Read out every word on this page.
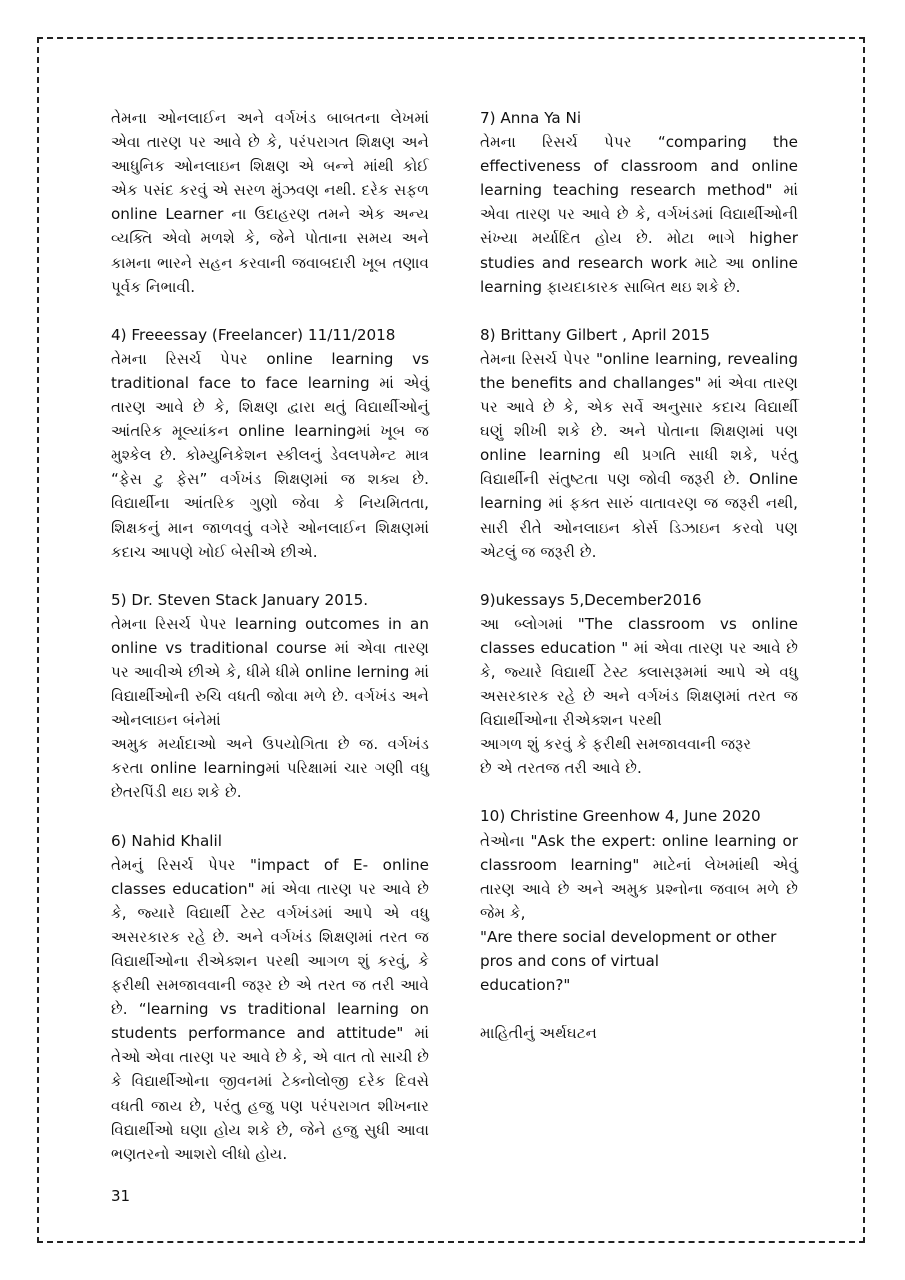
તેમના ઓનલાઈન અને વર્ગખંડ બાબતના લેખમાં એવા તારણ પર આવે છે કે, પરંપરાગત શિક્ષણ અને આધુનિક ઓનલાઇન શિક્ષણ એ બન્ને માંથી કોઈ એક પસંદ કરવું એ સરળ મુંઝવણ નથી. દરેક સફળ online Learner ના ઉદાહરણ તમને એક અન્ય વ્યક્તિ એવો મળશે કે, જેને પોતાના સમય અને કામના ભારને સહન કરવાની જવાબદારી ખૂબ તણાવ પૂર્વક નિભાવી.

4) Freeessay (Freelancer) 11/11/2018
તેમના રિસર્ચ પેપર online learning vs traditional face to face learning માં એવું તારણ આવે છે કે, શિક્ષણ દ્વારા થતું વિદ્યાર્થીઓનું આંતરિક મૂલ્યાંકન online learningમાં ખૂબ જ મુશ્કેલ છે. કોમ્યુનિકેશન સ્કીલનું ડેવલપમેન્ટ માત્ર “ફેસ ટુ ફેસ” વર્ગખંડ શિક્ષણમાં જ શક્ય છે. વિદ્યાર્થીના આંતરિક ગુણો જેવા કે નિયમિતતા, શિક્ષકનું માન જાળવવું વગેરે ઓનલાઈન શિક્ષણમાં કદાચ આપણે ખોઈ બેસીએ છીએ.

5) Dr. Steven Stack January 2015.
તેમના રિસર્ચ પેપર learning outcomes in an online vs traditional course માં એવા તારણ પર આવીએ છીએ કે, ધીમે ધીમે online lerning માં વિદ્યાર્થીઓની રુચિ વધતી જોવા મળે છે. વર્ગખંડ અને ઓનલાઇન બંનેમાં
અમુક મર્યાદાઓ અને ઉપયોગિતા છે જ. વર્ગખંડ કરતા online learningમાં પરિક્ષામાં ચાર ગણી વધુ છેતરપિંડી થઇ શકે છે.

6) Nahid Khalil
તેમનું રિસર્ચ પેપર "impact of E- online classes education" માં એવા તારણ પર આવે છે કે, જ્યારે વિદ્યાર્થી ટેસ્ટ વર્ગખંડમાં આપે એ વધુ અસરકારક રહે છે. અને વર્ગખંડ શિક્ષણમાં તરત જ વિદ્યાર્થીઓના રીએક્શન પરથી આગળ શું કરવું, કે ફરીથી સમજાવવાની જરૂર છે એ તરત જ તરી આવે છે. “learning vs traditional learning on students performance and attitude" માં તેઓ એવા તારણ પર આવે છે કે, એ વાત તો સાચી છે કે વિદ્યાર્થીઓના જીવનમાં ટેક્નોલોજી દરેક દિવસે વધતી જાય છે, પરંતુ હજુ પણ પરંપરાગત શીખનાર વિદ્યાર્થીઓ ઘણા હોય શકે છે, જેને હજુ સુધી આવા ભણતરનો આશરો લીધો હોય.

7) Anna Ya Ni
તેમના રિસર્ચ પેપર “comparing the effectiveness of classroom and online learning teaching research method" માં એવા તારણ પર આવે છે કે, વર્ગખંડમાં વિદ્યાર્થીઓની સંખ્યા મર્યાદિત હોય છે. મોટા ભાગે higher studies and research work માટે આ online learning ફાયદાકારક સાબિત થઇ શકે છે.

8) Brittany Gilbert , April 2015
તેમના રિસર્ચ પેપર "online learning, revealing the benefits and challanges" માં એવા તારણ પર આવે છે કે, એક સર્વે અનુસાર કદાચ વિદ્યાર્થી ઘણું શીખી શકે છે. અને પોતાના શિક્ષણમાં પણ online learning થી પ્રગતિ સાધી શકે, પરંતુ વિદ્યાર્થીની સંતુષ્ટતા પણ જોવી જરૂરી છે. Online learning માં ફક્ત સારું વાતાવરણ જ જરૂરી નથી, સારી રીતે ઓનલાઇન કોર્સ ડિઝાઇન કરવો પણ એટલું જ જરૂરી છે.

9)ukessays 5,December2016
આ બ્લોગમાં "The classroom vs online classes education " માં એવા તારણ પર આવે છે કે, જ્યારે વિદ્યાર્થી ટેસ્ટ ક્લાસરૂમમાં આપે એ વધુ અસરકારક રહે છે અને વર્ગખંડ શિક્ષણમાં તરત જ વિદ્યાર્થીઓના રીએક્શન પરથી
આગળ શું કરવું કે ફરીથી સમજાવવાની જરૂર
છે એ તરતજ તરી આવે છે.

10) Christine Greenhow 4, June 2020
તેઓના "Ask the expert: online learning or classroom learning" માટેનાં લેખમાંથી એવું તારણ આવે છે અને અમુક પ્રશ્નોના જવાબ મળે છે જેમ કે,
"Are there social development or other
pros and cons of virtual
education?"

માહિતીનું અર્થઘટન

31
